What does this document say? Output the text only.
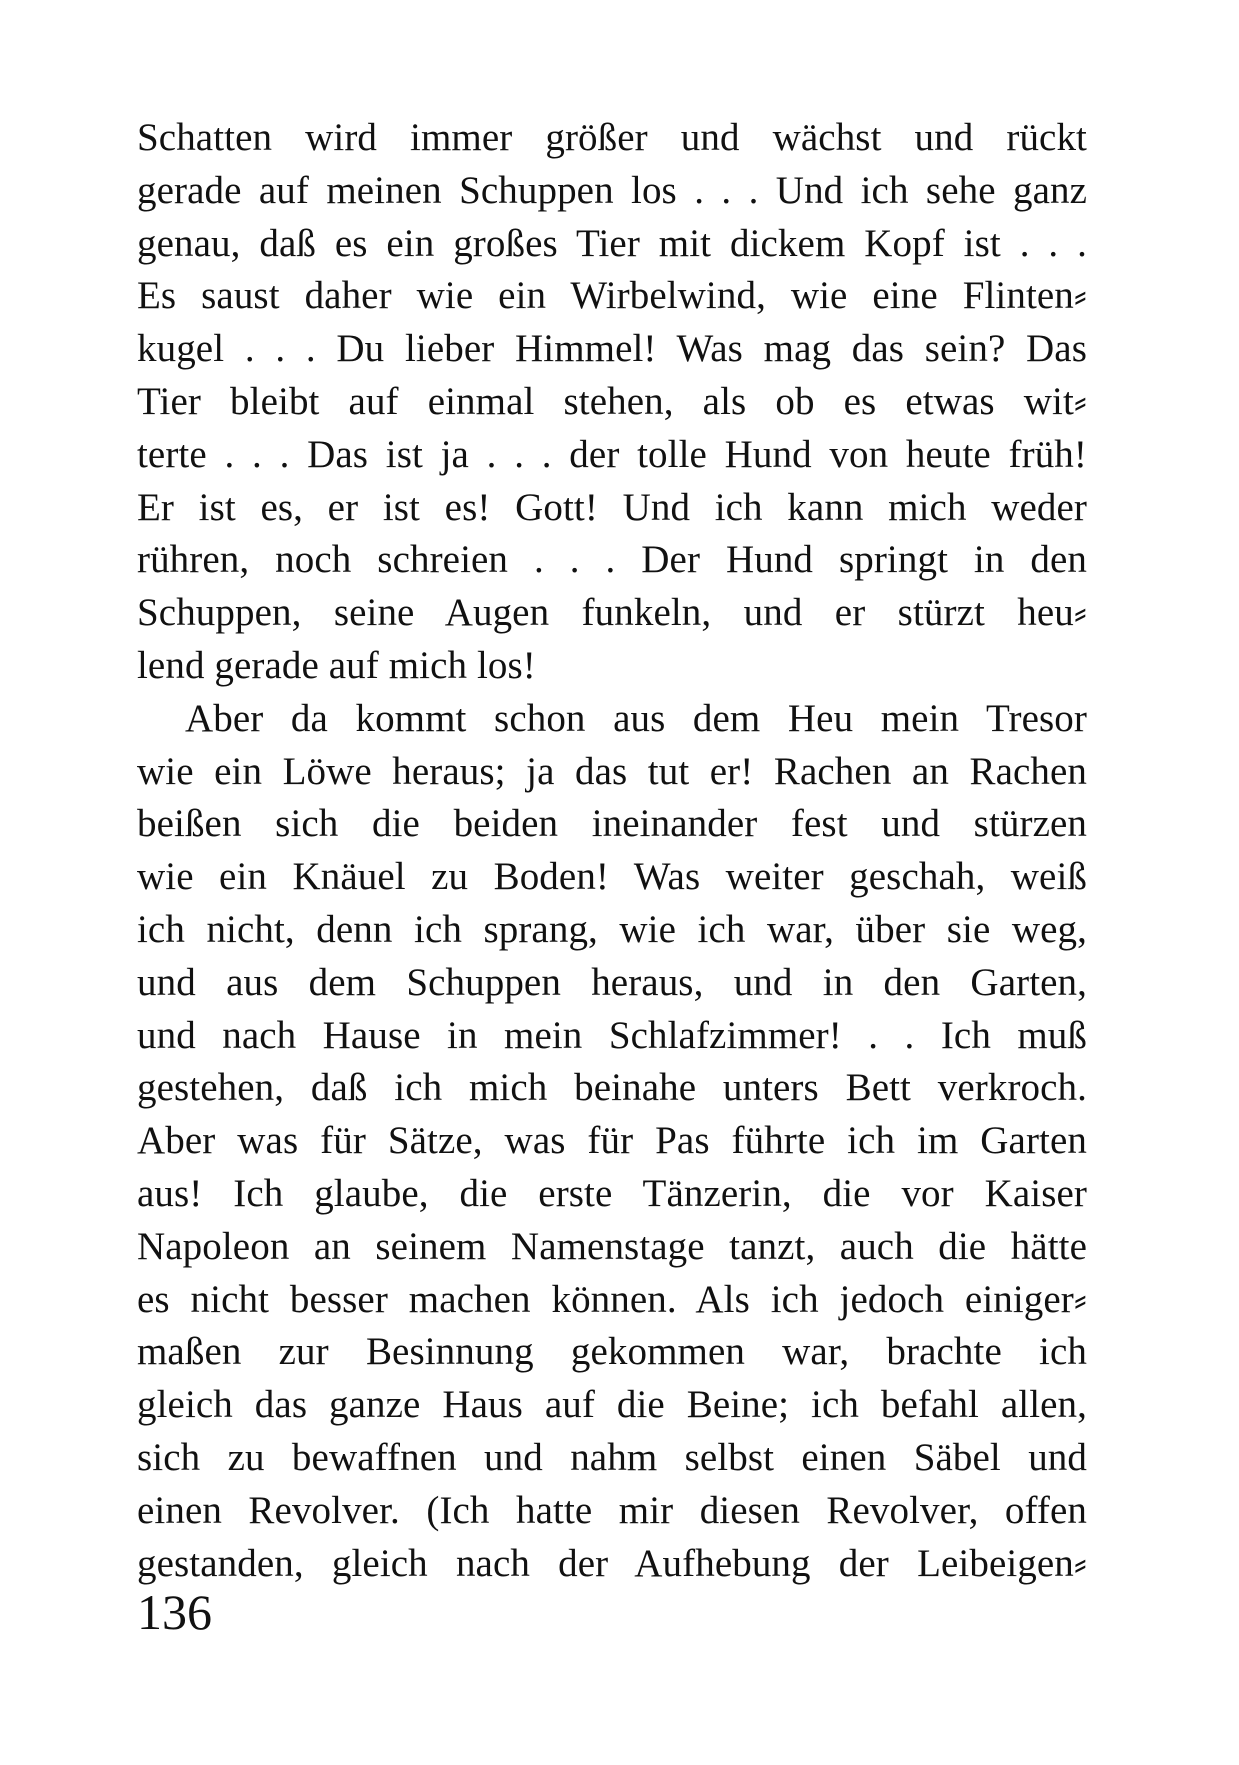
Schatten wird immer größer und wächst und rückt
gerade auf meinen Schuppen los . . . Und ich sehe ganz
genau, daß es ein großes Tier mit dickem Kopf ist . . .
Es saust daher wie ein Wirbelwind, wie eine Flinten⸗
kugel . . . Du lieber Himmel! Was mag das sein? Das
Tier bleibt auf einmal stehen, als ob es etwas wit⸗
terte . . . Das ist ja . . . der tolle Hund von heute früh!
Er ist es, er ist es! Gott! Und ich kann mich weder
rühren, noch schreien . . . Der Hund springt in den
Schuppen, seine Augen funkeln, und er stürzt heu⸗
lend gerade auf mich los!
Aber da kommt schon aus dem Heu mein Tresor
wie ein Löwe heraus; ja das tut er! Rachen an Rachen
beißen sich die beiden ineinander fest und stürzen
wie ein Knäuel zu Boden! Was weiter geschah, weiß
ich nicht, denn ich sprang, wie ich war, über sie weg,
und aus dem Schuppen heraus, und in den Garten,
und nach Hause in mein Schlafzimmer! . . Ich muß
gestehen, daß ich mich beinahe unters Bett verkroch.
Aber was für Sätze, was für Pas führte ich im Garten
aus! Ich glaube, die erste Tänzerin, die vor Kaiser
Napoleon an seinem Namenstage tanzt, auch die hätte
es nicht besser machen können. Als ich jedoch einiger⸗
maßen zur Besinnung gekommen war, brachte ich
gleich das ganze Haus auf die Beine; ich befahl allen,
sich zu bewaffnen und nahm selbst einen Säbel und
einen Revolver. (Ich hatte mir diesen Revolver, offen
gestanden, gleich nach der Aufhebung der Leibeigen⸗
136
